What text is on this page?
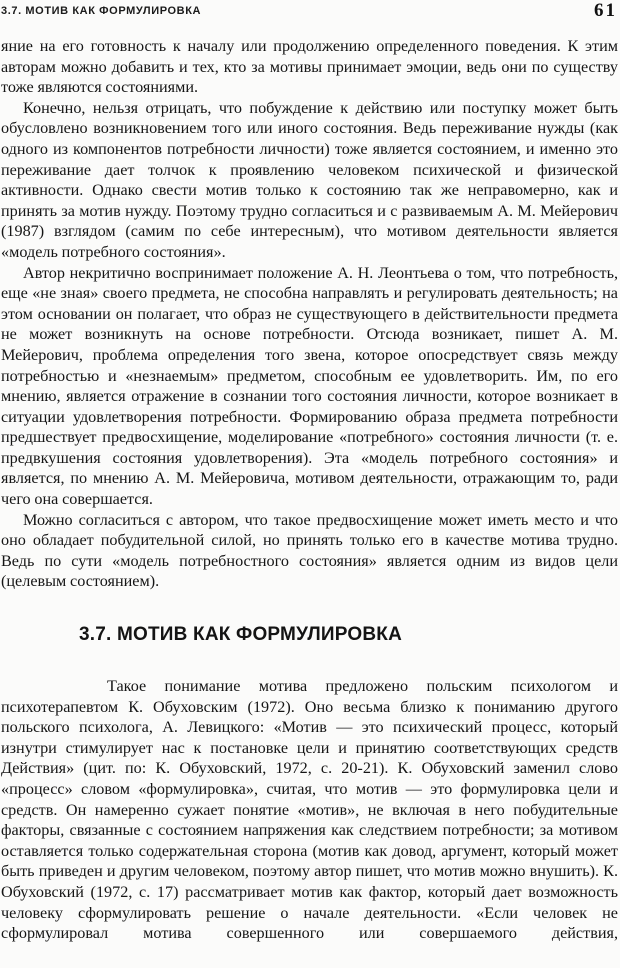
3.7. МОТИВ КАК ФОРМУЛИРОВКА	61

яние на его готовность к началу или продолжению определенного поведения. К этим авторам можно добавить и тех, кто за мотивы принимает эмоции, ведь они по существу тоже являются состояниями.

Конечно, нельзя отрицать, что побуждение к действию или поступку может быть обусловлено возникновением того или иного состояния. Ведь переживание нужды (как одного из компонентов потребности личности) тоже является состоянием, и именно это переживание дает толчок к проявлению человеком психической и физической активности. Однако свести мотив только к состоянию так же неправомерно, как и принять за мотив нужду. Поэтому трудно согласиться и с развиваемым А. М. Мейерович (1987) взглядом (самим по себе интересным), что мотивом деятельности является «модель потребного состояния».

Автор некритично воспринимает положение А. Н. Леонтьева о том, что потребность, еще «не зная» своего предмета, не способна направлять и регулировать деятельность; на этом основании он полагает, что образ не существующего в действительности предмета не может возникнуть на основе потребности. Отсюда возникает, пишет А. М. Мейерович, проблема определения того звена, которое опосредствует связь между потребностью и «незнаемым» предметом, способным ее удовлетворить. Им, по его мнению, является отражение в сознании того состояния личности, которое возникает в ситуации удовлетворения потребности. Формированию образа предмета потребности предшествует предвосхищение, моделирование «потребного» состояния личности (т. е. предвкушения состояния удовлетворения). Эта «модель потребного состояния» и является, по мнению А. М. Мейеровича, мотивом деятельности, отражающим то, ради чего она совершается.

Можно согласиться с автором, что такое предвосхищение может иметь место и что оно обладает побудительной силой, но принять только его в качестве мотива трудно. Ведь по сути «модель потребностного состояния» является одним из видов цели (целевым состоянием).

3.7. МОТИВ КАК ФОРМУЛИРОВКА

Такое понимание мотива предложено польским психологом и психотерапевтом К. Обуховским (1972). Оно весьма близко к пониманию другого польского психолога, А. Левицкого: «Мотив — это психический процесс, который изнутри стимулирует нас к постановке цели и принятию соответствующих средств Действия» (цит. по: К. Обуховский, 1972, с. 20-21). К. Обуховский заменил слово «процесс» словом «формулировка», считая, что мотив — это формулировка цели и средств. Он намеренно сужает понятие «мотив», не включая в него побудительные факторы, связанные с состоянием напряжения как следствием потребности; за мотивом оставляется только содержательная сторона (мотив как довод, аргумент, который может быть приведен и другим человеком, поэтому автор пишет, что мотив можно внушить). К. Обуховский (1972, с. 17) рассматривает мотив как фактор, который дает возможность человеку сформулировать решение о начале деятельности. «Если человек не сформулировал мотива совершенного или совершаемого действия,
